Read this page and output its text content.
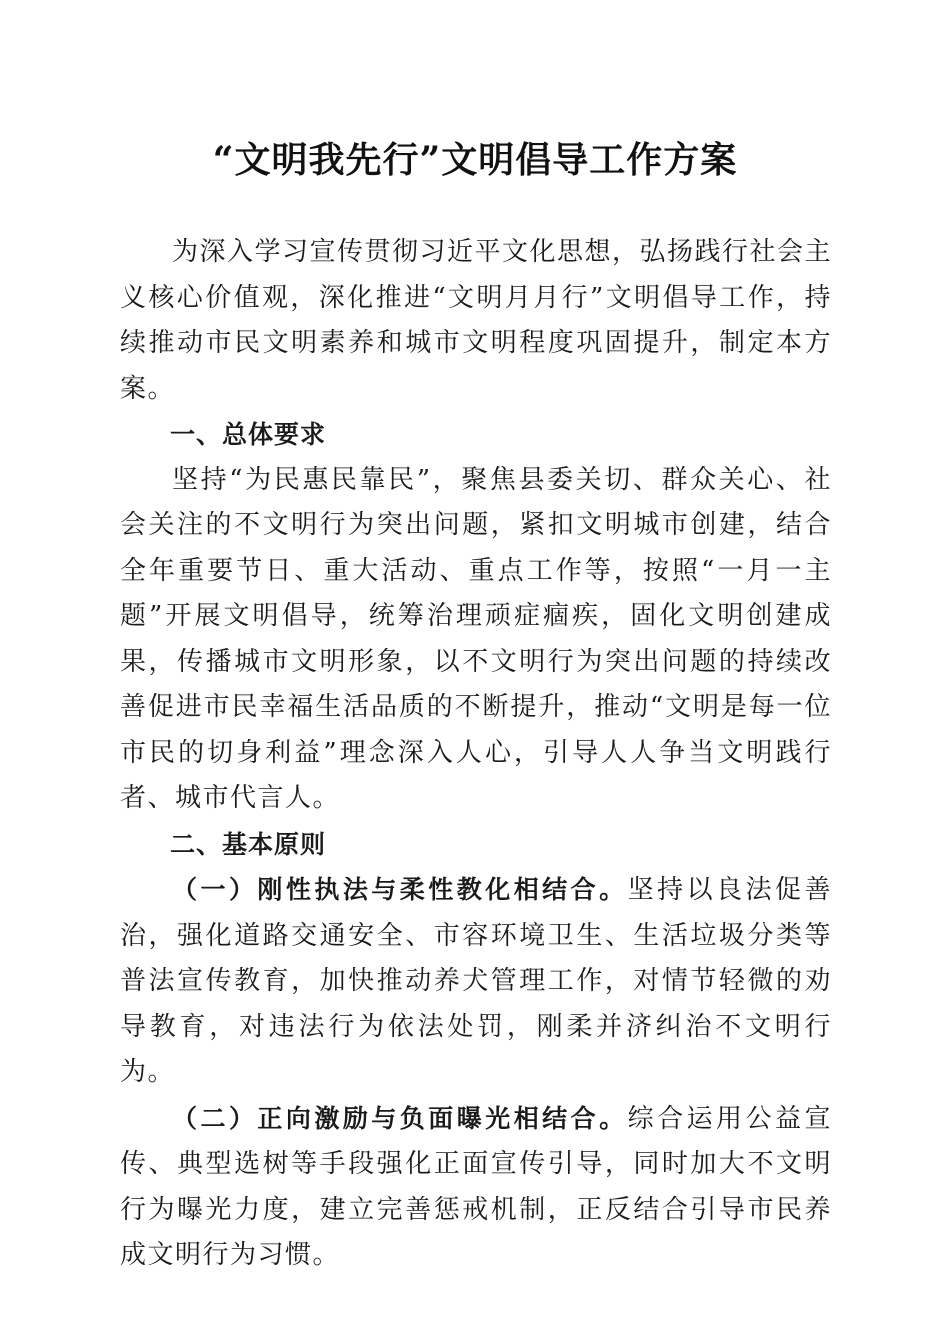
“文明我先行”文明倡导工作方案

为深入学习宣传贯彻习近平文化思想，弘扬践行社会主义核心价值观，深化推进“文明月月行”文明倡导工作，持续推动市民文明素养和城市文明程度巩固提升，制定本方案。

一、总体要求

坚持“为民惠民靠民”，聚焦县委关切、群众关心、社会关注的不文明行为突出问题，紧扣文明城市创建，结合全年重要节日、重大活动、重点工作等，按照“一月一主题”开展文明倡导，统筹治理顽症痼疾，固化文明创建成果，传播城市文明形象，以不文明行为突出问题的持续改善促进市民幸福生活品质的不断提升，推动“文明是每一位市民的切身利益”理念深入人心，引导人人争当文明践行者、城市代言人。

二、基本原则

（一）刚性执法与柔性教化相结合。坚持以良法促善治，强化道路交通安全、市容环境卫生、生活垃圾分类等普法宣传教育，加快推动养犬管理工作，对情节轻微的劝导教育，对违法行为依法处罚，刚柔并济纠治不文明行为。

（二）正向激励与负面曝光相结合。综合运用公益宣传、典型选树等手段强化正面宣传引导，同时加大不文明行为曝光力度，建立完善惩戒机制，正反结合引导市民养成文明行为习惯。
